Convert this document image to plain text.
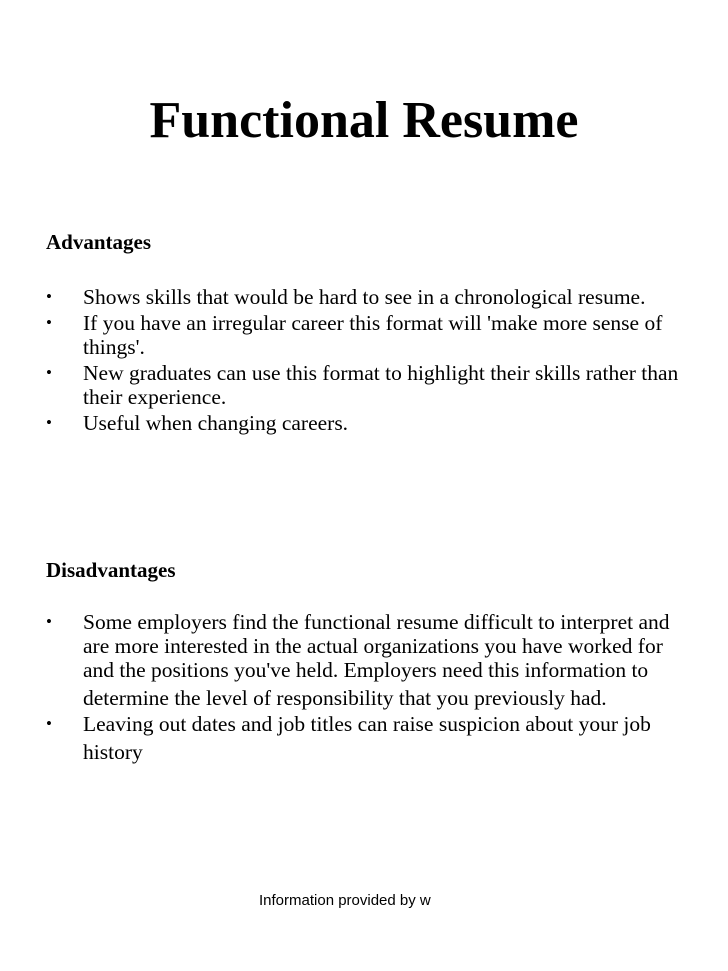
Functional Resume
Advantages
• Shows skills that would be hard to see in a chronological resume.
• If you have an irregular career this format will 'make more sense of things'.
• New graduates can use this format to highlight their skills rather than their experience.
• Useful when changing careers.
Disadvantages
• Some employers find the functional resume difficult to interpret and are more interested in the actual organizations you have worked for and the positions you've held. Employers need this information to
determine the level of responsibility that you previously had.
• Leaving out dates and job titles can raise suspicion about your job
history
Information provided by w
